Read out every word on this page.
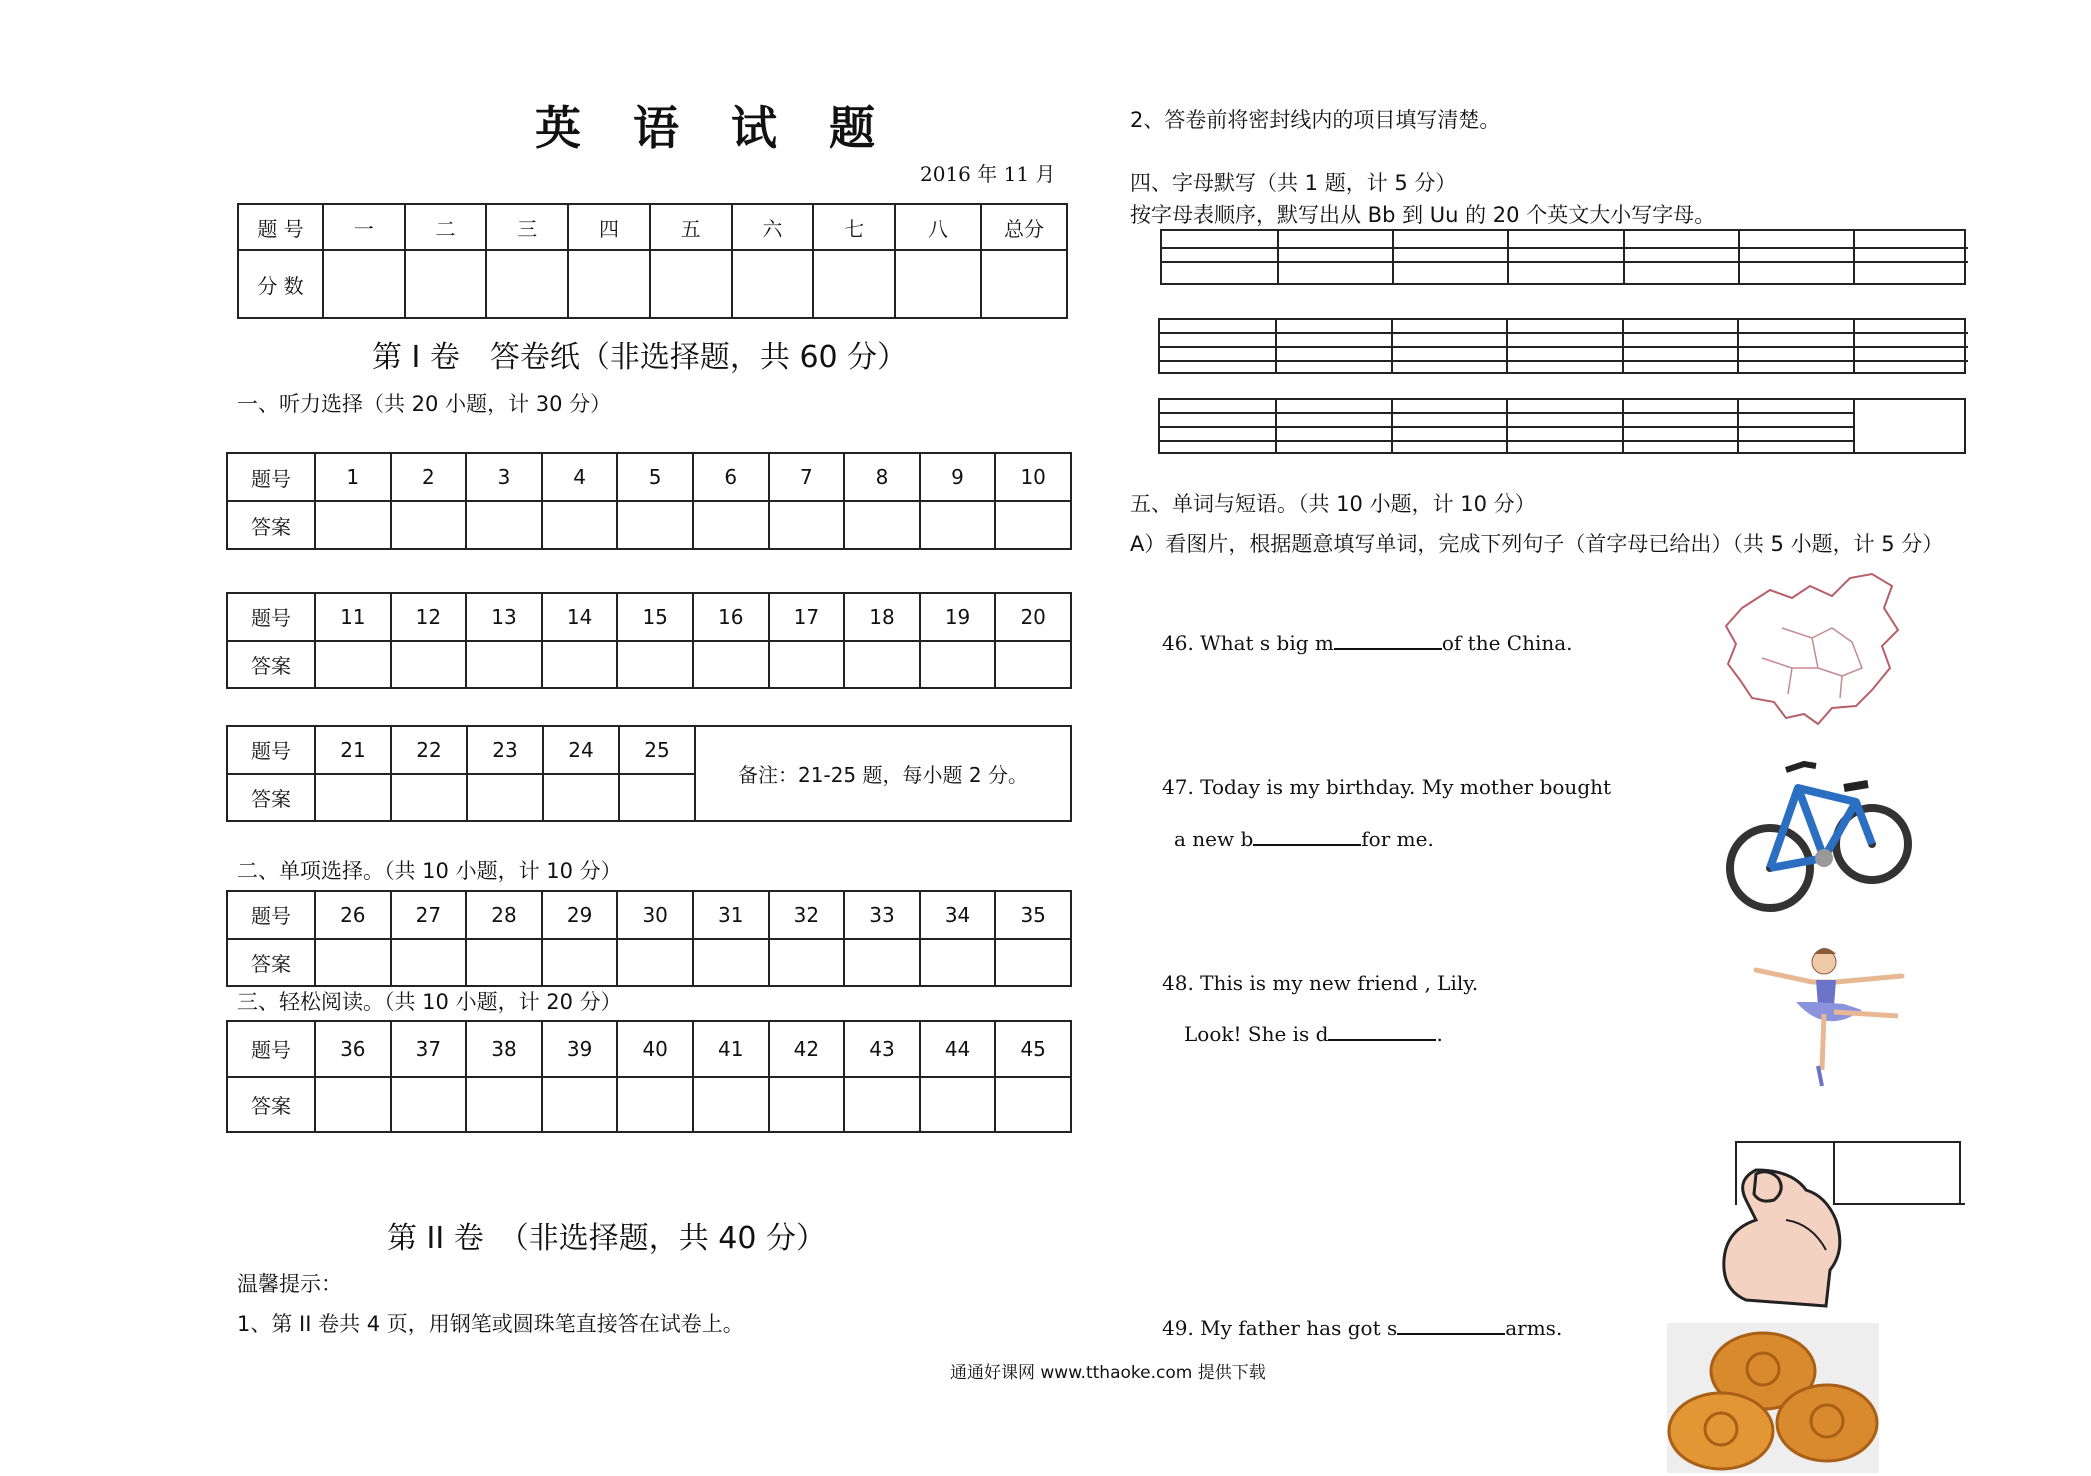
英 语 试 题
2016 年 11 月
题 号	一	二	三	四	五	六	七	八	总分
分 数									
第 I 卷　答卷纸（非选择题，共 60 分）
一、听力选择（共 20 小题，计 30 分）
题号	1	2	3	4	5	6	7	8	9	10
答案										
题号	11	12	13	14	15	16	17	18	19	20
答案										
题号	26	27	28	29	30	31	32	33	34	35
答案										
题号	36	37	38	39	40	41	42	43	44	45
答案										
题号	21	22	23	24	25	备注：21-25 题，每小题 2 分。
答案						
二、单项选择。（共 10 小题，计 10 分）
三、轻松阅读。（共 10 小题，计 20 分）
第 II 卷　（非选择题，共 40 分）
温馨提示：
1、第 II 卷共 4 页，用钢笔或圆珠笔直接答在试卷上。
2、答卷前将密封线内的项目填写清楚。
四、字母默写（共 1 题，计 5 分）
按字母表顺序，默写出从 Bb 到 Uu 的 20 个英文大小写字母。
五、单词与短语。（共 10 小题，计 10 分）
A）看图片，根据题意填写单词，完成下列句子（首字母已给出）（共 5 小题，计 5 分）
46. What s big m	of the China.
47. Today is my birthday. My mother bought
a new b	for me.
48. This is my new friend , Lily.
Look! She is d	.
49. My father has got s	arms.
通通好课网 www.tthaoke.com 提供下载
